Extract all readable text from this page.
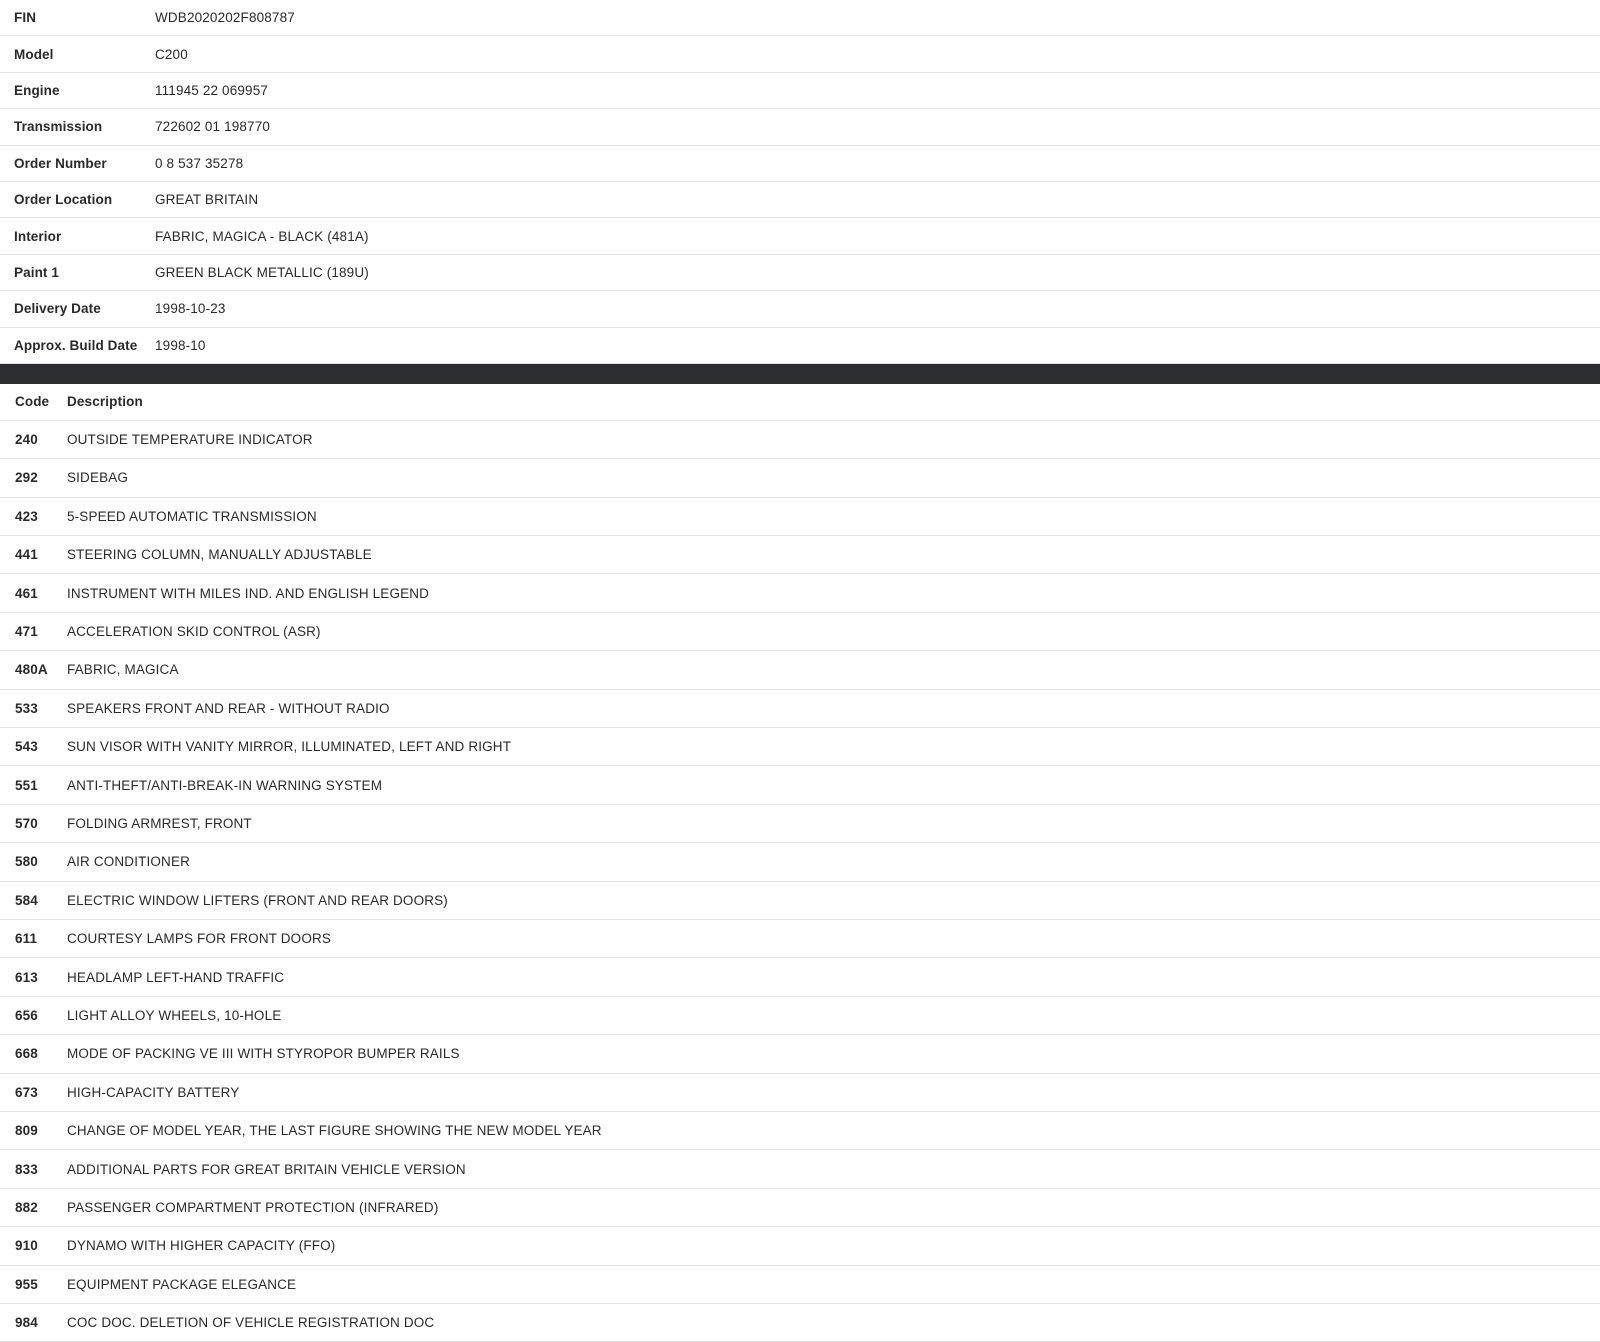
FIN	WDB2020202F808787

Model	C200

Engine	111945 22 069957

Transmission	722602 01 198770

Order Number	0 8 537 35278

Order Location	GREAT BRITAIN

Interior	FABRIC, MAGICA - BLACK (481A)

Paint 1	GREEN BLACK METALLIC (189U)

Delivery Date	1998-10-23

Approx. Build Date	1998-10
Code	Description

240	OUTSIDE TEMPERATURE INDICATOR

292	SIDEBAG

423	5-SPEED AUTOMATIC TRANSMISSION

441	STEERING COLUMN, MANUALLY ADJUSTABLE

461	INSTRUMENT WITH MILES IND. AND ENGLISH LEGEND

471	ACCELERATION SKID CONTROL (ASR)

480A	FABRIC, MAGICA

533	SPEAKERS FRONT AND REAR - WITHOUT RADIO

543	SUN VISOR WITH VANITY MIRROR, ILLUMINATED, LEFT AND RIGHT

551	ANTI-THEFT/ANTI-BREAK-IN WARNING SYSTEM

570	FOLDING ARMREST, FRONT

580	AIR CONDITIONER

584	ELECTRIC WINDOW LIFTERS (FRONT AND REAR DOORS)

611	COURTESY LAMPS FOR FRONT DOORS

613	HEADLAMP LEFT-HAND TRAFFIC

656	LIGHT ALLOY WHEELS, 10-HOLE

668	MODE OF PACKING VE III WITH STYROPOR BUMPER RAILS

673	HIGH-CAPACITY BATTERY

809	CHANGE OF MODEL YEAR, THE LAST FIGURE SHOWING THE NEW MODEL YEAR

833	ADDITIONAL PARTS FOR GREAT BRITAIN VEHICLE VERSION

882	PASSENGER COMPARTMENT PROTECTION (INFRARED)

910	DYNAMO WITH HIGHER CAPACITY (FFO)

955	EQUIPMENT PACKAGE ELEGANCE

984	COC DOC. DELETION OF VEHICLE REGISTRATION DOC
